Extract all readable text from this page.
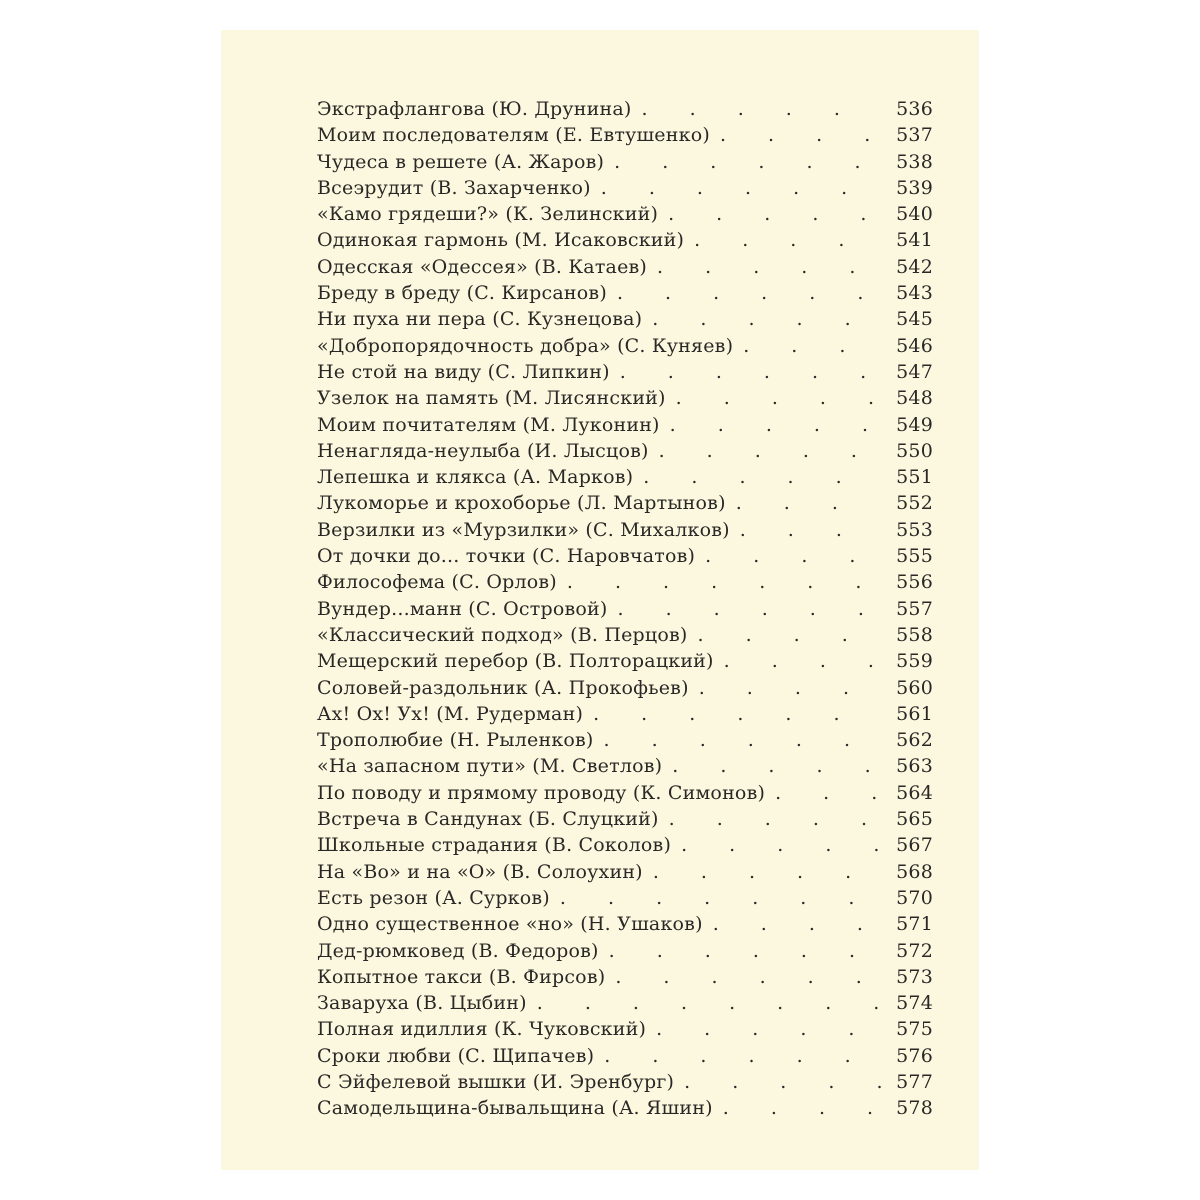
Экстрафлангова (Ю. Друнина) . . .	536
Моим последователям (Е. Евтушенко) . . .	537
Чудеса в решете (А. Жаров) . . .	538
Всеэрудит (В. Захарченко) . . .	539
«Камо грядеши?» (К. Зелинский) . . .	540
Одинокая гармонь (М. Исаковский) . . .	541
Одесская «Одессея» (В. Катаев) . . .	542
Бреду в бреду (С. Кирсанов) . . .	543
Ни пуха ни пера (С. Кузнецова) . . .	545
«Добропорядочность добра» (С. Куняев) . . .	546
Не стой на виду (С. Липкин) . . .	547
Узелок на память (М. Лисянский) . . .	548
Моим почитателям (М. Луконин) . . .	549
Ненагляда-неулыба (И. Лысцов) . . .	550
Лепешка и клякса (А. Марков) . . .	551
Лукоморье и крохоборье (Л. Мартынов) . . .	552
Верзилки из «Мурзилки» (С. Михалков) . . .	553
От дочки до... точки (С. Наровчатов) . . .	555
Философема (С. Орлов) . . .	556
Вундер...манн (С. Островой) . . .	557
«Классический подход» (В. Перцов) . . .	558
Мещерский перебор (В. Полторацкий) . . .	559
Соловей-раздольник (А. Прокофьев) . . .	560
Ах! Ох! Ух! (М. Рудерман) . . .	561
Трополюбие (Н. Рыленков) . . .	562
«На запасном пути» (М. Светлов) . . .	563
По поводу и прямому проводу (К. Симонов) . . .	564
Встреча в Сандунах (Б. Слуцкий) . . .	565
Школьные страдания (В. Соколов) . . .	567
На «Во» и на «О» (В. Солоухин) . . .	568
Есть резон (А. Сурков) . . .	570
Одно существенное «но» (Н. Ушаков) . . .	571
Дед-рюмковед (В. Федоров) . . .	572
Копытное такси (В. Фирсов) . . .	573
Заваруха (В. Цыбин) . . .	574
Полная идиллия (К. Чуковский) . . .	575
Сроки любви (С. Щипачев) . . .	576
С Эйфелевой вышки (И. Эренбург) . . .	577
Самодельщина-бывальщина (А. Яшин) . . .	578
